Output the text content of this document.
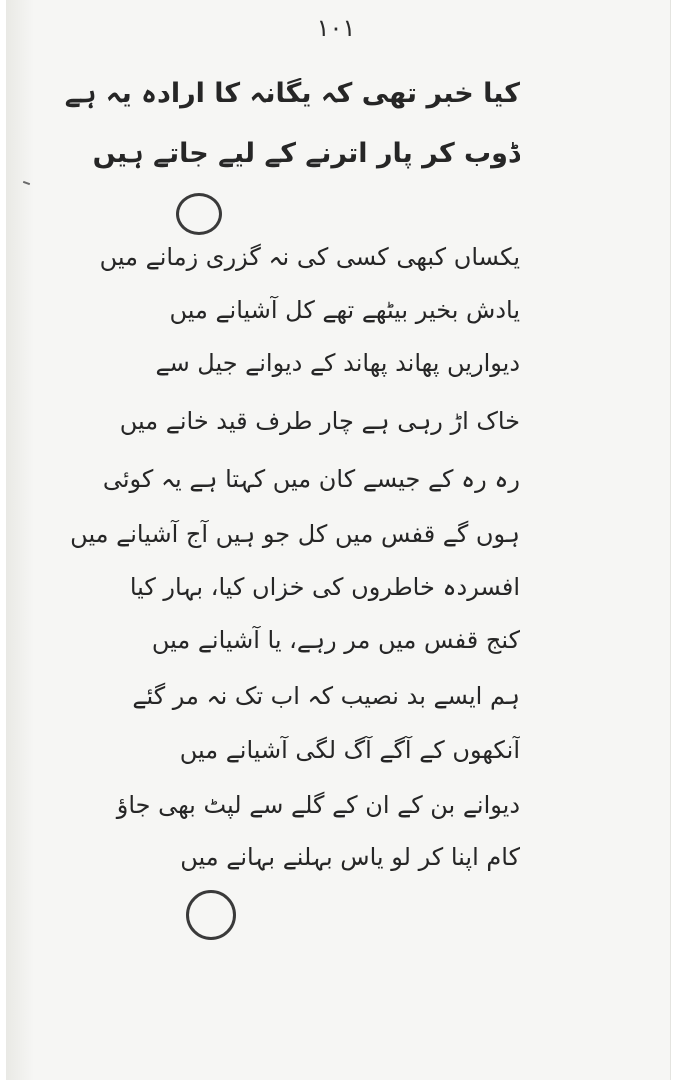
۱۰۱
کیا خبر تھی کہ یگانہ کا ارادہ یہ ہے
ڈوب کر پار اترنے کے لیے جاتے ہیں
یکساں کبھی کسی کی نہ گزری زمانے میں
یادش بخیر بیٹھے تھے کل آشیانے میں
دیواریں پھاند پھاند کے دیوانے جیل سے
خاک اڑ رہی ہے چار طرف قید خانے میں
رہ رہ کے جیسے کان میں کہتا ہے یہ کوئی
ہوں گے قفس میں کل جو ہیں آج آشیانے میں
افسردہ خاطروں کی خزاں کیا، بہار کیا
کنج قفس میں مر رہے، یا آشیانے میں
ہم ایسے بد نصیب کہ اب تک نہ مر گئے
آنکھوں کے آگے آگ لگی آشیانے میں
دیوانے بن کے ان کے گلے سے لپٹ بھی جاؤ
کام اپنا کر لو یاس بہلنے بہانے میں
